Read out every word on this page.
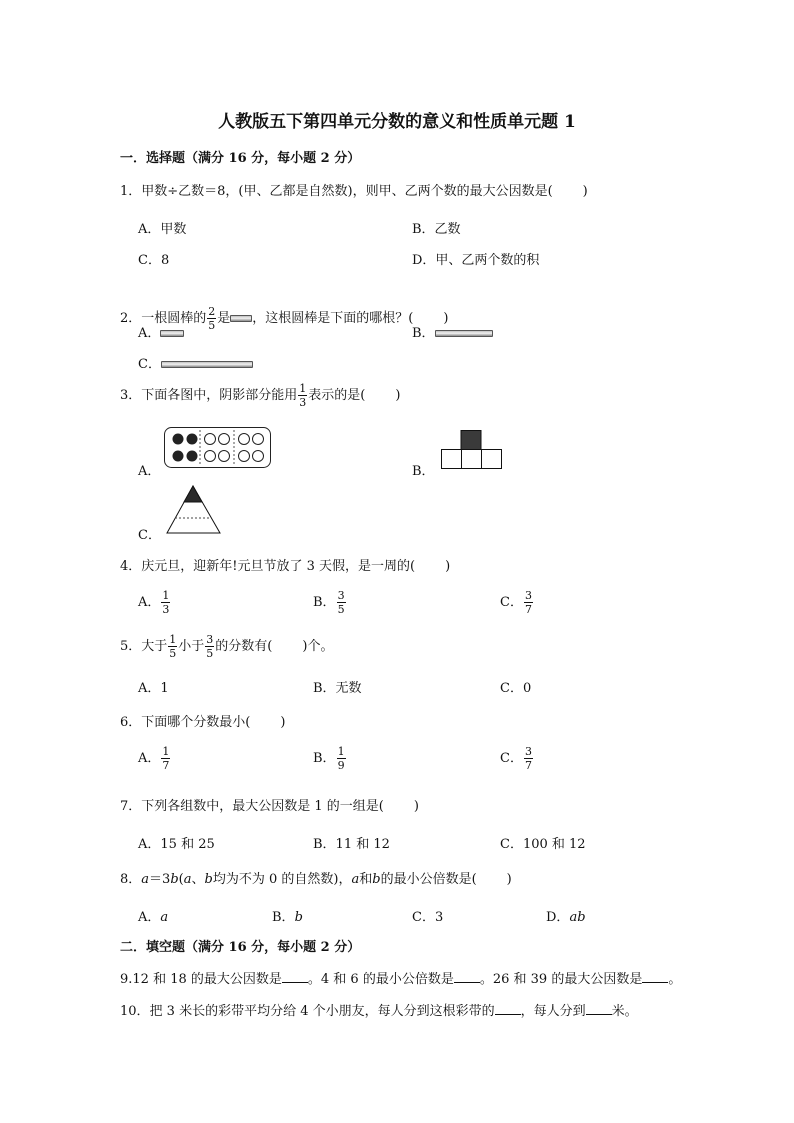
人教版五下第四单元分数的意义和性质单元题 1
一．选择题（满分 16 分，每小题 2 分）
1．甲数÷乙数＝8，(甲、乙都是自然数)，则甲、乙两个数的最大公因数是( )
A．甲数	B．乙数
C．8	D．甲、乙两个数的积
2．一根圆棒的 $\frac{2}{5}$ 是 ，这根圆棒是下面的哪根？( )
A．	B．
C．
3．下面各图中，阴影部分能用 $\frac{1}{3}$ 表示的是( )
A．	B．
C．
4．庆元旦，迎新年!元旦节放了 3 天假，是一周的( )
A． $\frac{1}{3}$	B． $\frac{3}{5}$	C． $\frac{3}{7}$
5．大于 $\frac{1}{5}$ 小于 $\frac{3}{5}$ 的分数有( )个。
A．1	B．无数	C．0
6．下面哪个分数最小( )
A． $\frac{1}{7}$	B． $\frac{1}{9}$	C． $\frac{3}{7}$
7．下列各组数中，最大公因数是 1 的一组是( )
A．15 和 25	B．11 和 12	C．100 和 12
8．a＝3b(a、b均为不为 0 的自然数)，a和b的最小公倍数是( )
A．a	B．b	C．3	D．ab
二．填空题（满分 16 分，每小题 2 分）
9.12 和 18 的最大公因数是 。4 和 6 的最小公倍数是 。26 和 39 的最大公因数是 。
10．把 3 米长的彩带平均分给 4 个小朋友，每人分到这根彩带的 ，每人分到 米。
